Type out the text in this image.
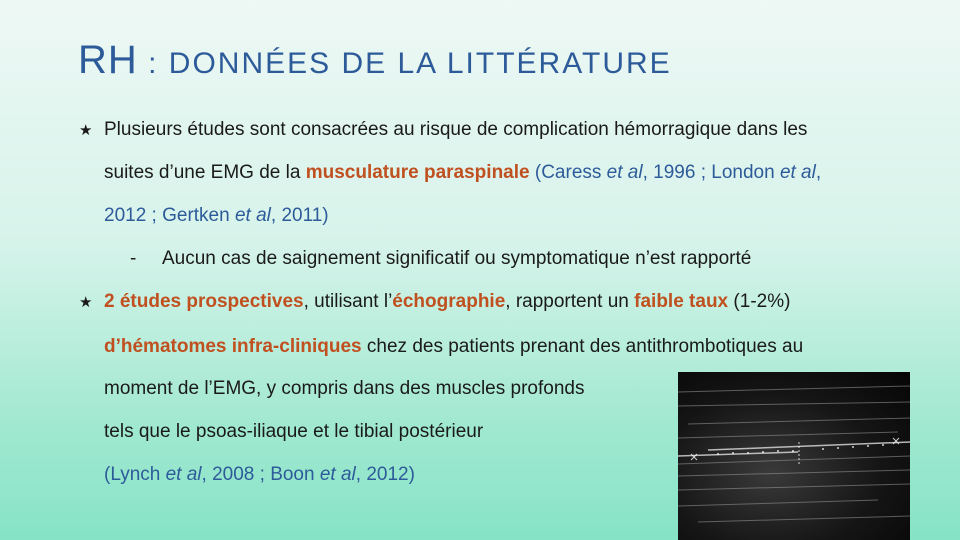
RH : DONNÉES DE LA LITTÉRATURE
★ Plusieurs études sont consacrées au risque de complication hémorragique dans les
suites d’une EMG de la musculature paraspinale (Caress et al, 1996 ; London et al,
2012 ; Gertken et al, 2011)
- Aucun cas de saignement significatif ou symptomatique n’est rapporté
★ 2 études prospectives, utilisant l’échographie, rapportent un faible taux (1-2%)
d’hématomes infra-cliniques chez des patients prenant des antithrombotiques au
moment de l’EMG, y compris dans des muscles profonds
tels que le psoas-iliaque et le tibial postérieur
(Lynch et al, 2008 ; Boon et al, 2012)
